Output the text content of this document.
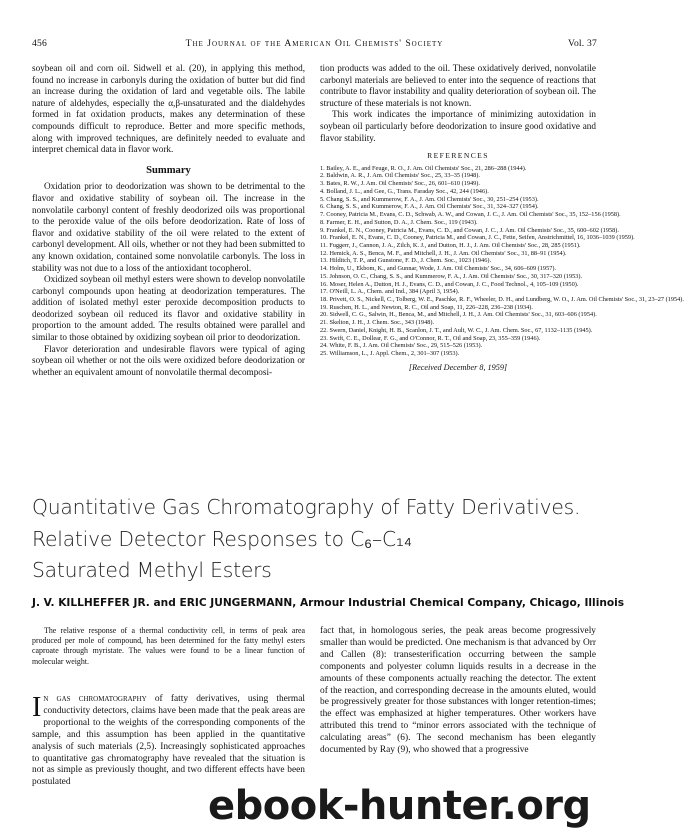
456	The Journal of the American Oil Chemists' Society	Vol. 37

soybean oil and corn oil. Sidwell et al. (20), in applying this method, found no increase in carbonyls during the oxidation of butter but did find an increase during the oxidation of lard and vegetable oils. The labile nature of aldehydes, especially the α,β-unsaturated and the dialdehydes formed in fat oxidation products, makes any determination of these compounds difficult to reproduce. Better and more specific methods, along with improved techniques, are definitely needed to evaluate and interpret chemical data in flavor work.

Summary

Oxidation prior to deodorization was shown to be detrimental to the flavor and oxidative stability of soybean oil. The increase in the nonvolatile carbonyl content of freshly deodorized oils was proportional to the peroxide value of the oils before deodorization. Rate of loss of flavor and oxidative stability of the oil were related to the extent of carbonyl development. All oils, whether or not they had been submitted to any known oxidation, contained some nonvolatile carbonyls. The loss in stability was not due to a loss of the antioxidant tocopherol.

Oxidized soybean oil methyl esters were shown to develop nonvolatile carbonyl compounds upon heating at deodorization temperatures. The addition of isolated methyl ester peroxide decomposition products to deodorized soybean oil reduced its flavor and oxidative stability in proportion to the amount added. The results obtained were parallel and similar to those obtained by oxidizing soybean oil prior to deodorization.

Flavor deterioration and undesirable flavors were typical of aging soybean oil whether or not the oils were oxidized before deodorization or whether an equivalent amount of nonvolatile thermal decomposi-

tion products was added to the oil. These oxidatively derived, nonvolatile carbonyl materials are believed to enter into the sequence of reactions that contribute to flavor instability and quality deterioration of soybean oil. The structure of these materials is not known.

This work indicates the importance of minimizing autoxidation in soybean oil particularly before deodorization to insure good oxidative and flavor stability.

REFERENCES
1. Bailey, A. E., and Feuge, R. O., J. Am. Oil Chemists' Soc., 21, 286–288 (1944).
2. Baldwin, A. R., J. Am. Oil Chemists' Soc., 25, 33–35 (1948).
3. Bates, R. W., J. Am. Oil Chemists' Soc., 26, 601–610 (1949).
4. Bolland, J. L., and Gee, G., Trans. Faraday Soc., 42, 244 (1946).
5. Chang, S. S., and Kummerow, F. A., J. Am. Oil Chemists' Soc., 30, 251–254 (1953).
6. Chang, S. S., and Kummerow, F. A., J. Am. Oil Chemists' Soc., 31, 324–327 (1954).
7. Cooney, Patricia M., Evans, C. D., Schwab, A. W., and Cowan, J. C., J. Am. Oil Chemists' Soc., 35, 152–156 (1958).
8. Farmer, E. H., and Sutton, D. A., J. Chem. Soc., 119 (1943).
9. Frankel, E. N., Cooney, Patricia M., Evans, C. D., and Cowan, J. C., J. Am. Oil Chemists' Soc., 35, 600–602 (1958).
10. Frankel, E. N., Evans, C. D., Cooney, Patricia M., and Cowan, J. C., Fette, Seifen, Anstrichmittel, 16, 1036–1039 (1959).
11. Fuggerr, J., Cannon, J. A., Zilch, K. J., and Dutton, H. J., J. Am. Oil Chemists' Soc., 28, 285 (1951).
12. Hemick, A. S., Benca, M. F., and Mitchell, J. H., J. Am. Oil Chemists' Soc., 31, 88–91 (1954).
13. Hilditch, T. P., and Gunstone, F. D., J. Chem. Soc., 1023 (1946).
14. Holm, U., Ekbom, K., and Gunnar, Wode, J. Am. Oil Chemists' Soc., 34, 606–609 (1957).
15. Johnson, O. C., Chang, S. S., and Kummerow, F. A., J. Am. Oil Chemists' Soc., 30, 317–320 (1953).
16. Moser, Helen A., Dutton, H. J., Evans, C. D., and Cowan, J. C., Food Technol., 4, 105–109 (1950).
17. O'Neill, L. A., Chem. and Ind., 384 (April 3, 1954).
18. Privett, O. S., Nickell, C., Tolberg, W. E., Paschke, R. F., Wheeler, D. H., and Lundberg, W. O., J. Am. Oil Chemists' Soc., 31, 23–27 (1954).
19. Ruschen, H. L., and Newton, R. C., Oil and Soap, 11, 226–228, 236–238 (1934).
20. Sidwell, C. G., Salwin, H., Benca, M., and Mitchell, J. H., J. Am. Oil Chemists' Soc., 31, 603–606 (1954).
21. Skelton, J. H., J. Chem. Soc., 343 (1948).
22. Swern, Daniel, Knight, H. B., Scanlon, J. T., and Ault, W. C., J. Am. Chem. Soc., 67, 1132–1135 (1945).
23. Swift, C. E., Dollear, F. G., and O'Connor, R. T., Oil and Soap, 23, 355–359 (1946).
24. White, F. B., J. Am. Oil Chemists' Soc., 29, 515–526 (1953).
25. Williamson, L., J. Appl. Chem., 2, 301–307 (1953).
[Received December 8, 1959]
Quantitative Gas Chromatography of Fatty Derivatives.
Relative Detector Responses to C₆–C₁₄
Saturated Methyl Esters
J. V. KILLHEFFER JR. and ERIC JUNGERMANN, Armour Industrial Chemical Company, Chicago, Illinois

The relative response of a thermal conductivity cell, in terms of peak area produced per mole of compound, has been determined for the fatty methyl esters caproate through myristate. The values were found to be a linear function of molecular weight.

In gas chromatography of fatty derivatives, using thermal conductivity detectors, claims have been made that the peak areas are proportional to the weights of the corresponding components of the sample, and this assumption has been applied in the quantitative analysis of such materials (2,5). Increasingly sophisticated approaches to quantitative gas chromatography have revealed that the situation is not as simple as previously thought, and two different effects have been postulated

fact that, in homologous series, the peak areas become progressively smaller than would be predicted. One mechanism is that advanced by Orr and Callen (8): transesterification occurring between the sample components and polyester column liquids results in a decrease in the amounts of these components actually reaching the detector. The extent of the reaction, and corresponding decrease in the amounts eluted, would be progressively greater for those substances with longer retention-times; the effect was emphasized at higher temperatures. Other workers have attributed this trend to “minor errors associated with the technique of calculating areas” (6). The second mechanism has been elegantly documented by Ray (9), who showed that a progressive

ebook-hunter.org
